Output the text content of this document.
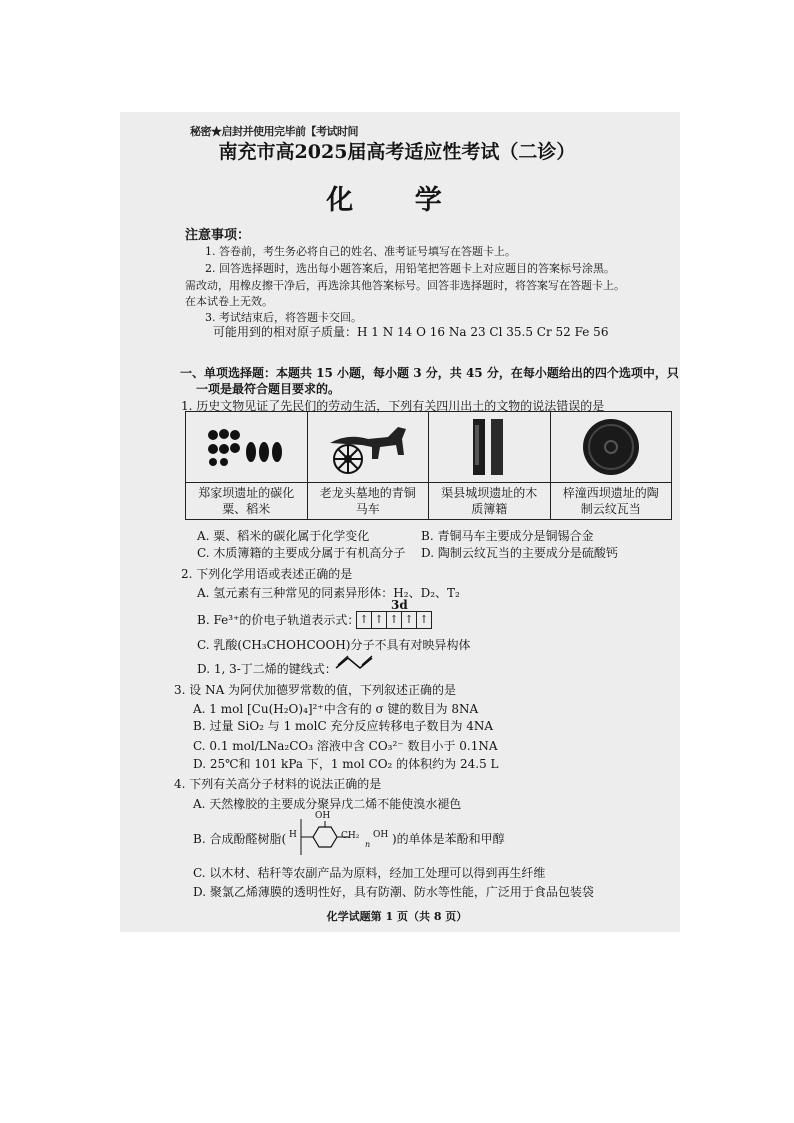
秘密★启封并使用完毕前【考试时间
南充市高2025届高考适应性考试（二诊）
化 学
注意事项：
1. 答卷前，考生务必将自己的姓名、准考证号填写在答题卡上。
2. 回答选择题时，选出每小题答案后，用铅笔把答题卡上对应题目的答案标号涂黑。
需改动，用橡皮擦干净后，再选涂其他答案标号。回答非选择题时，将答案写在答题卡上。
在本试卷上无效。
3. 考试结束后，将答题卡交回。
可能用到的相对原子质量：H 1 N 14 O 16 Na 23 Cl 35.5 Cr 52 Fe 56
一、单项选择题：本题共 15 小题，每小题 3 分，共 45 分，在每小题给出的四个选项中，只
一项是最符合题目要求的。
1. 历史文物见证了先民们的劳动生活，下列有关四川出土的文物的说法错误的是
郑家坝遗址的碳化
粟、稻米
老龙头墓地的青铜
马车
渠县城坝遗址的木
质簿籍
梓潼西坝遗址的陶
制云纹瓦当
A. 粟、稻米的碳化属于化学变化	B. 青铜马车主要成分是铜锡合金
C. 木质簿籍的主要成分属于有机高分子 D. 陶制云纹瓦当的主要成分是硫酸钙
2. 下列化学用语或表述正确的是
A. 氢元素有三种常见的同素异形体：H₂、D₂、T₂
B. Fe³⁺的价电子轨道表示式：
3d
↑ ↑ ↑ ↑ ↑
C. 乳酸(CH₃CHOHCOOH)分子不具有对映异构体
D. 1, 3-丁二烯的键线式：
3. 设 NA 为阿伏加德罗常数的值，下列叙述正确的是
A. 1 mol [Cu(H₂O)₄]²⁺中含有的 σ 键的数目为 8NA
B. 过量 SiO₂ 与 1 molC 充分反应转移电子数目为 4NA
C. 0.1 mol/LNa₂CO₃ 溶液中含 CO₃²⁻ 数目小于 0.1NA
D. 25℃和 101 kPa 下，1 mol CO₂ 的体积约为 24.5 L
4. 下列有关高分子材料的说法正确的是
A. 天然橡胶的主要成分聚异戊二烯不能使溴水褪色
B. 合成酚醛树脂( H
OH
CH₂ OH
n )的单体是苯酚和甲醇
C. 以木材、秸秆等农副产品为原料，经加工处理可以得到再生纤维
D. 聚氯乙烯薄膜的透明性好，具有防潮、防水等性能，广泛用于食品包装袋
化学试题第 1 页（共 8 页）
